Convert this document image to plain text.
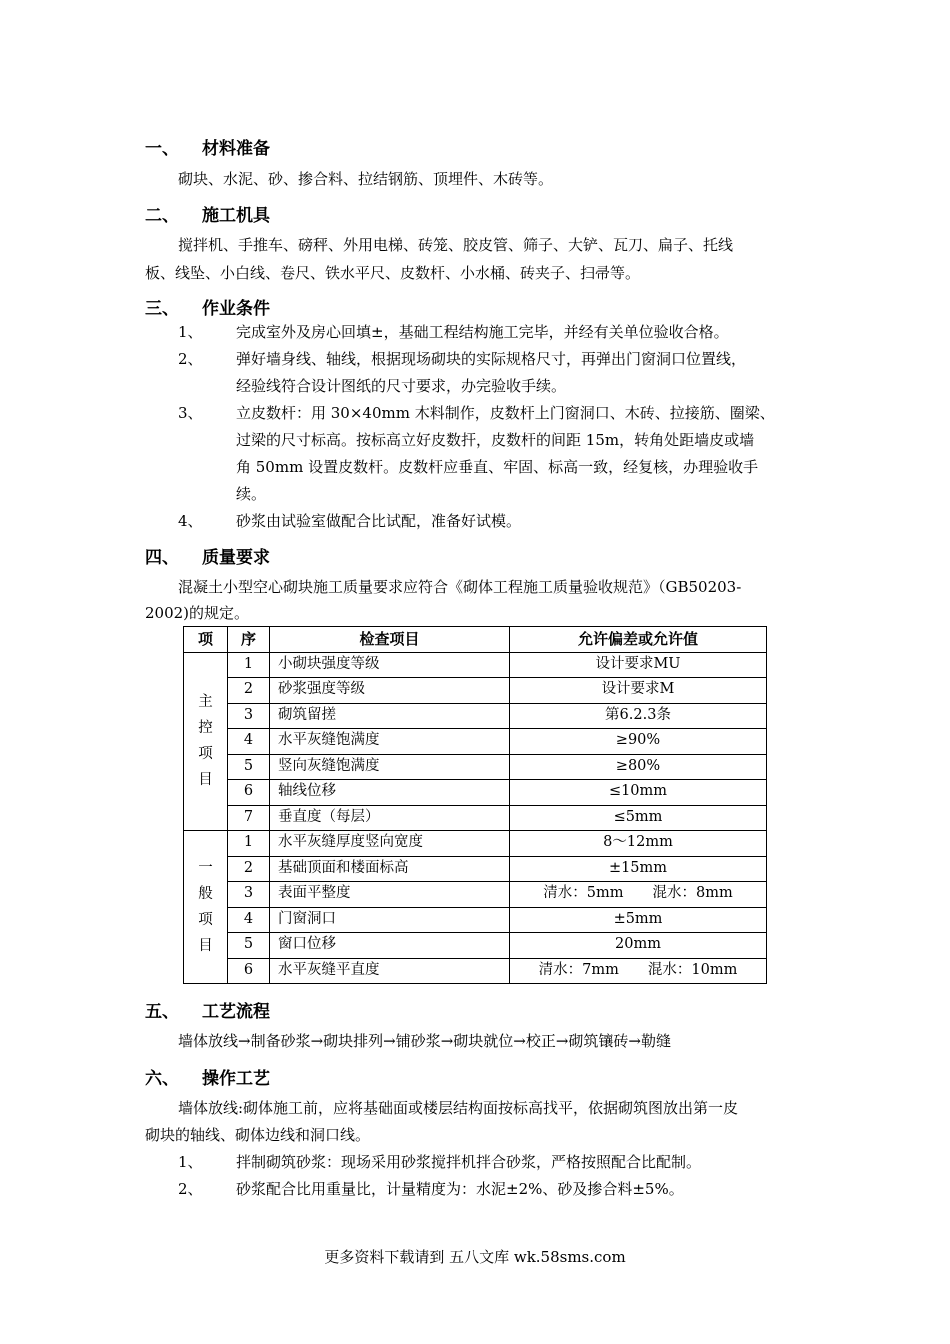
一、 材料准备
砌块、水泥、砂、掺合料、拉结钢筋、顶埋件、木砖等。
二、 施工机具
搅拌机、手推车、磅秤、外用电梯、砖笼、胶皮管、筛子、大铲、瓦刀、扁子、托线
板、线坠、小白线、卷尺、铁水平尺、皮数杆、小水桶、砖夹子、扫帚等。
三、 作业条件
1、 完成室外及房心回填±，基础工程结构施工完毕，并经有关单位验收合格。
2、 弹好墙身线、轴线，根据现场砌块的实际规格尺寸，再弹出门窗洞口位置线，
经验线符合设计图纸的尺寸要求，办完验收手续。
3、 立皮数杆：用 30×40mm 木料制作，皮数杆上门窗洞口、木砖、拉接筋、圈梁、
过梁的尺寸标高。按标高立好皮数扞，皮数杆的间距 15m，转角处距墙皮或墙
角 50mm 设置皮数杆。皮数杆应垂直、牢固、标高一致，经复核，办理验收手
续。
4、 砂浆由试验室做配合比试配，准备好试模。
四、 质量要求
混凝土小型空心砌块施工质量要求应符合《砌体工程施工质量验收规范》（GB50203-
2002)的规定。
项	序	检查项目	允许偏差或允许值

主
控
项
目	1	小砌块强度等级	设计要求MU
	2	砂浆强度等级	设计要求M
	3	砌筑留搓	第6.2.3条
	4	水平灰缝饱满度	≥90%
	5	竖向灰缝饱满度	≥80%
	6	轴线位移	≤10mm
	7	垂直度（每层）	≤5mm

一
般
项
目	1	水平灰缝厚度竖向宽度	8～12mm
	2	基础顶面和楼面标高	±15mm
	3	表面平整度	清水：5mm　　混水：8mm
	4	门窗洞口	±5mm
	5	窗口位移	20mm
	6	水平灰缝平直度	清水：7mm　　混水：10mm
五、 工艺流程
墙体放线→制备砂浆→砌块排列→铺砂浆→砌块就位→校正→砌筑镶砖→勒缝
六、 操作工艺
墙体放线:砌体施工前，应将基础面或楼层结构面按标高找平，依据砌筑图放出第一皮
砌块的轴线、砌体边线和洞口线。
1、 拌制砌筑砂浆：现场采用砂浆搅拌机拌合砂浆，严格按照配合比配制。
2、 砂浆配合比用重量比，计量精度为：水泥±2%、砂及掺合料±5%。
更多资料下载请到 五八文库 wk.58sms.com
